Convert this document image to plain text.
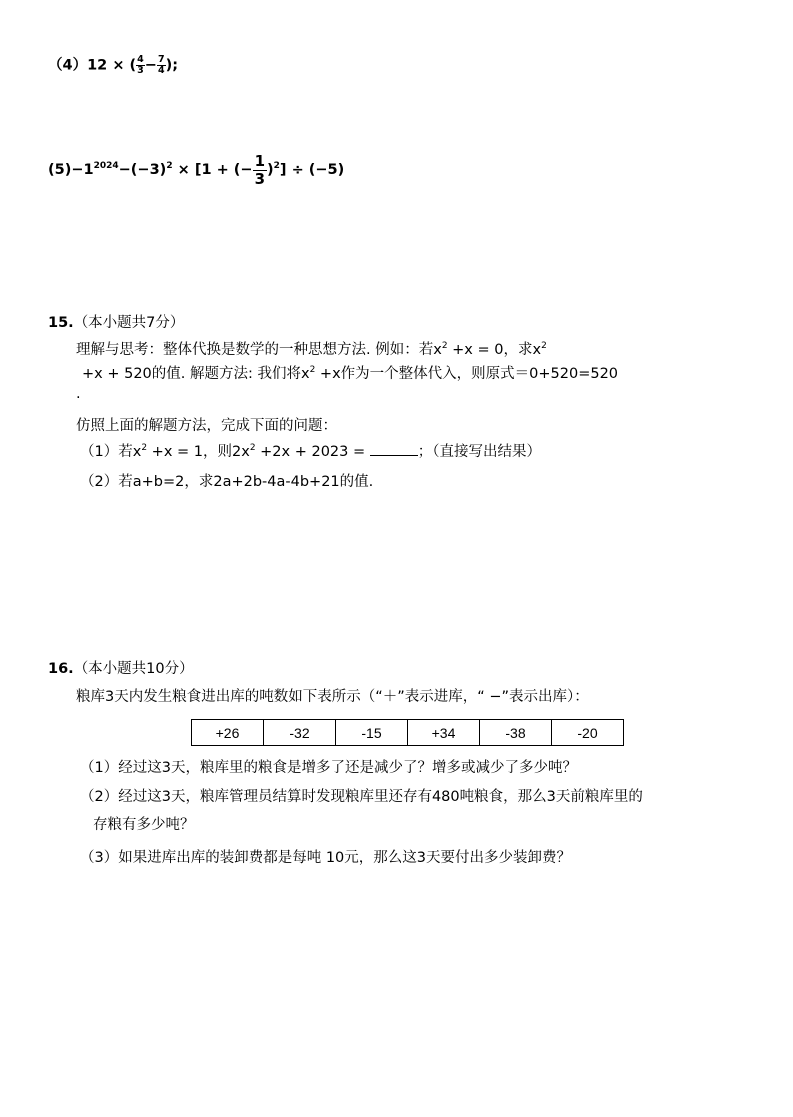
（4）12 × ( $\frac{4}{3} - \frac{7}{4}$ );
$(5)-1^{2024}-(-3)^2 \times [1$ + (− $\frac{1}{3} )^2] \div (-5)$
15.（本小题共7分）
理解与思考：整体代换是数学的一种思想方法. 例如：若$x^2 +x = 0$，求$x^2$
+x + 520的值. 解题方法: 我们将$x^2 +x$作为一个整体代入，则原式＝0+520=520
.
仿照上面的解题方法，完成下面的问题：
（1）若$x^2 +x = 1$，则$2x^2 +2x + 2023$ =	；（直接写出结果）
（2）若a+b=2，求2a+2b-4a-4b+21的值.
16.（本小题共10分）
粮库3天内发生粮食进出库的吨数如下表所示（“＋”表示进库，“ −”表示出库）：
+26	-32	-15	+34	-38	-20
（1）经过这3天，粮库里的粮食是增多了还是减少了？增多或减少了多少吨？
（2）经过这3天，粮库管理员结算时发现粮库里还存有480吨粮食，那么3天前粮库里的
存粮有多少吨？
（3）如果进库出库的装卸费都是每吨 10元，那么这3天要付出多少装卸费？
